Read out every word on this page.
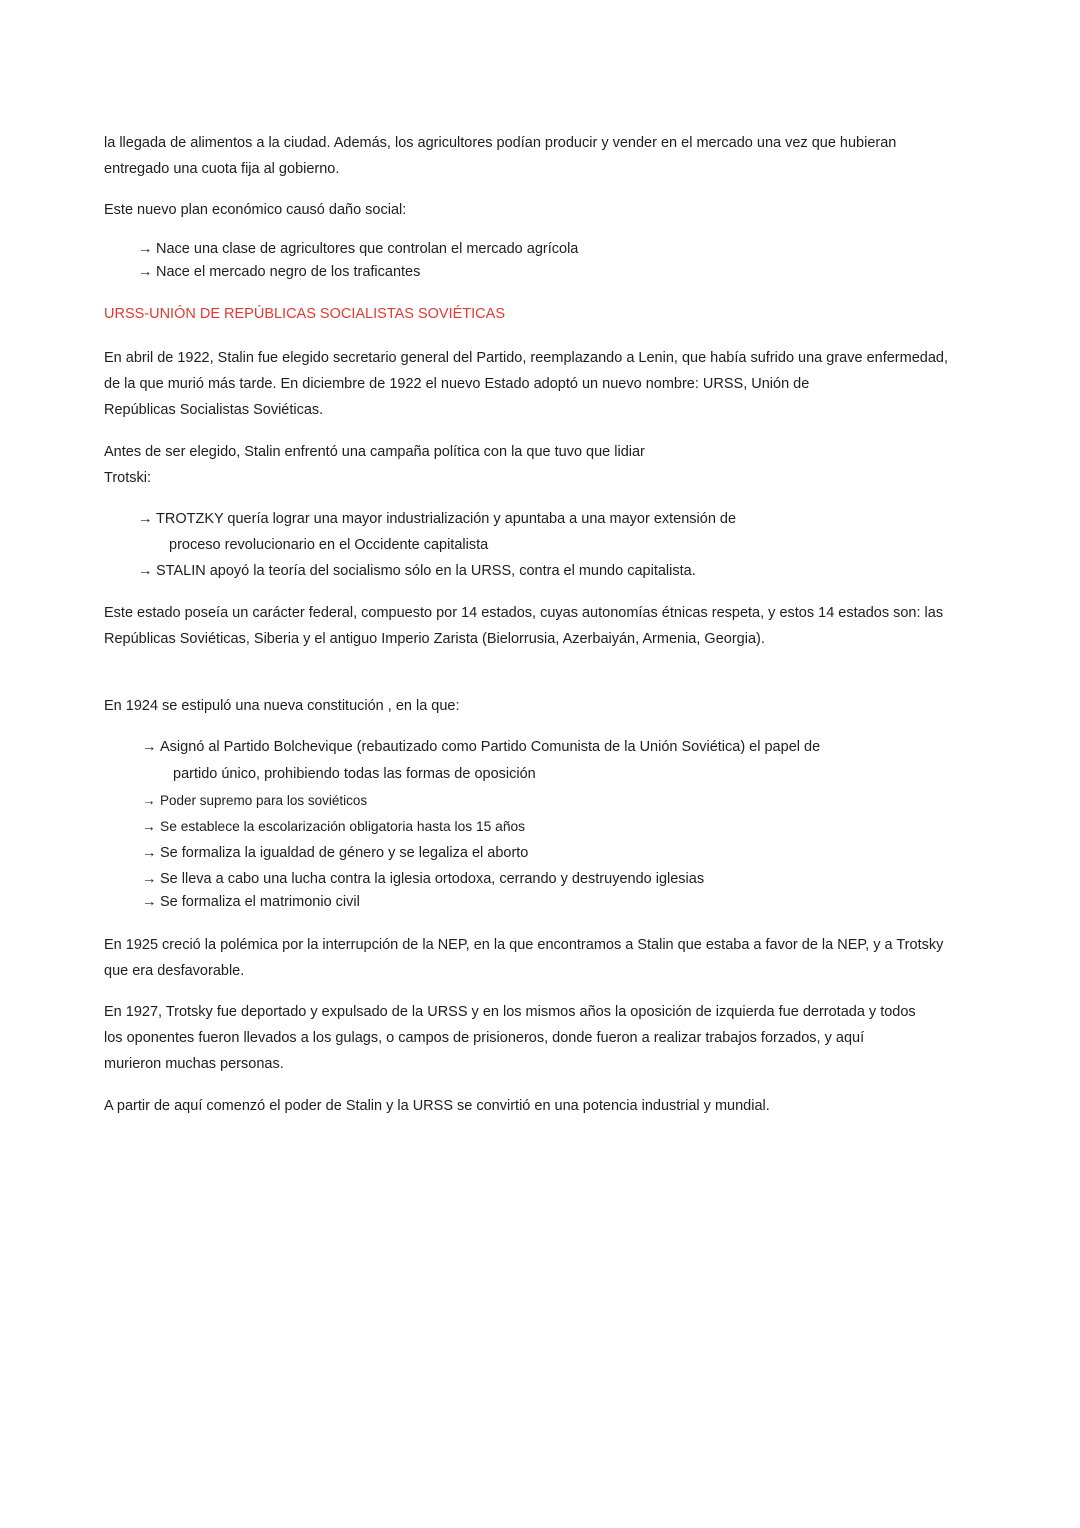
la llegada de alimentos a la ciudad. Además, los agricultores podían producir y vender en el mercado una vez que hubieran
entregado una cuota fija al gobierno.

Este nuevo plan económico causó daño social:

→ Nace una clase de agricultores que controlan el mercado agrícola
→ Nace el mercado negro de los traficantes
URSS-UNIÓN DE REPÚBLICAS SOCIALISTAS SOVIÉTICAS

En abril de 1922, Stalin fue elegido secretario general del Partido, reemplazando a Lenin, que había sufrido una grave enfermedad,
de la que murió más tarde. En diciembre de 1922 el nuevo Estado adoptó un nuevo nombre: URSS, Unión de
Repúblicas Socialistas Soviéticas.

Antes de ser elegido, Stalin enfrentó una campaña política con la que tuvo que lidiar
Trotski:

→ TROTZKY quería lograr una mayor industrialización y apuntaba a una mayor extensión de
proceso revolucionario en el Occidente capitalista
→ STALIN apoyó la teoría del socialismo sólo en la URSS, contra el mundo capitalista.

Este estado poseía un carácter federal, compuesto por 14 estados, cuyas autonomías étnicas respeta, y estos 14 estados son: las
Repúblicas Soviéticas, Siberia y el antiguo Imperio Zarista (Bielorrusia, Azerbaiyán, Armenia, Georgia).

En 1924 se estipuló una nueva constitución , en la que:

→ Asignó al Partido Bolchevique (rebautizado como Partido Comunista de la Unión Soviética) el papel de
partido único, prohibiendo todas las formas de oposición
→ Poder supremo para los soviéticos
→ Se establece la escolarización obligatoria hasta los 15 años
→ Se formaliza la igualdad de género y se legaliza el aborto
→ Se lleva a cabo una lucha contra la iglesia ortodoxa, cerrando y destruyendo iglesias
→ Se formaliza el matrimonio civil

En 1925 creció la polémica por la interrupción de la NEP, en la que encontramos a Stalin que estaba a favor de la NEP, y a Trotsky
que era desfavorable.

En 1927, Trotsky fue deportado y expulsado de la URSS y en los mismos años la oposición de izquierda fue derrotada y todos
los oponentes fueron llevados a los gulags, o campos de prisioneros, donde fueron a realizar trabajos forzados, y aquí
murieron muchas personas.

A partir de aquí comenzó el poder de Stalin y la URSS se convirtió en una potencia industrial y mundial.
